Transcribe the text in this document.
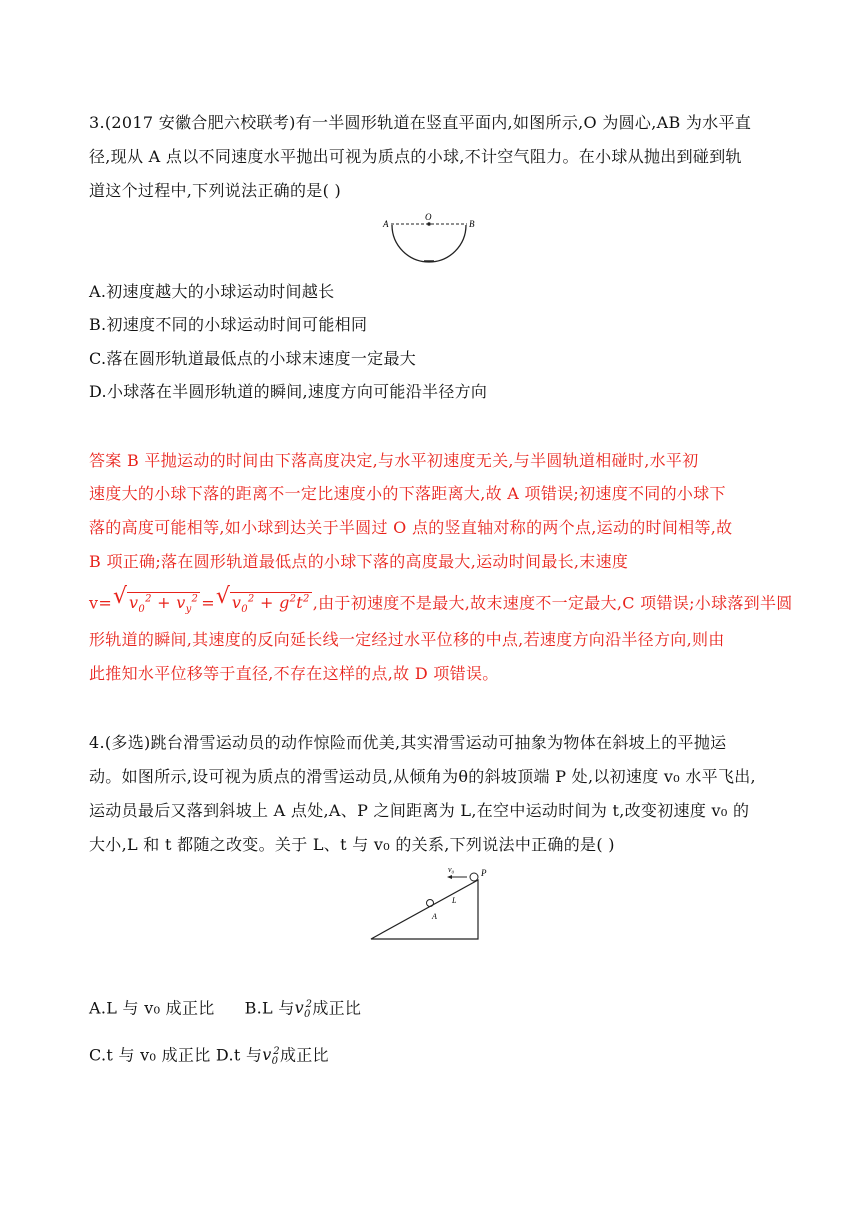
3.(2017 安徽合肥六校联考)有一半圆形轨道在竖直平面内,如图所示,O 为圆心,AB 为水平直
径,现从 A 点以不同速度水平抛出可视为质点的小球,不计空气阻力。在小球从抛出到碰到轨
道这个过程中,下列说法正确的是( )
A
O
B
A.初速度越大的小球运动时间越长
B.初速度不同的小球运动时间可能相同
C.落在圆形轨道最低点的小球末速度一定最大
D.小球落在半圆形轨道的瞬间,速度方向可能沿半径方向
答案 B 平抛运动的时间由下落高度决定,与水平初速度无关,与半圆轨道相碰时,水平初
速度大的小球下落的距离不一定比速度小的下落距离大,故 A 项错误;初速度不同的小球下
落的高度可能相等,如小球到达关于半圆过 O 点的竖直轴对称的两个点,运动的时间相等,故
B 项正确;落在圆形轨道最低点的小球下落的高度最大,运动时间最长,末速度
v= √ $v_0^2 + v_y^2$ = √ $v_0^2 + g^2t^2$ ,由于初速度不是最大,故末速度不一定最大,C 项错误;小球落到半圆
形轨道的瞬间,其速度的反向延长线一定经过水平位移的中点,若速度方向沿半径方向,则由
此推知水平位移等于直径,不存在这样的点,故 D 项错误。
4.(多选)跳台滑雪运动员的动作惊险而优美,其实滑雪运动可抽象为物体在斜坡上的平抛运
动。如图所示,设可视为质点的滑雪运动员,从倾角为θ的斜坡顶端 P 处,以初速度 v₀ 水平飞出,
运动员最后又落到斜坡上 A 点处,A、P 之间距离为 L,在空中运动时间为 t,改变初速度 v₀ 的
大小,L 和 t 都随之改变。关于 L、t 与 v₀ 的关系,下列说法中正确的是( )
v₀	P
L
A
A.L 与 v₀ 成正比 B.L 与$v_0^2$成正比
C.t 与 v₀ 成正比 D.t 与$v_0^2$成正比
